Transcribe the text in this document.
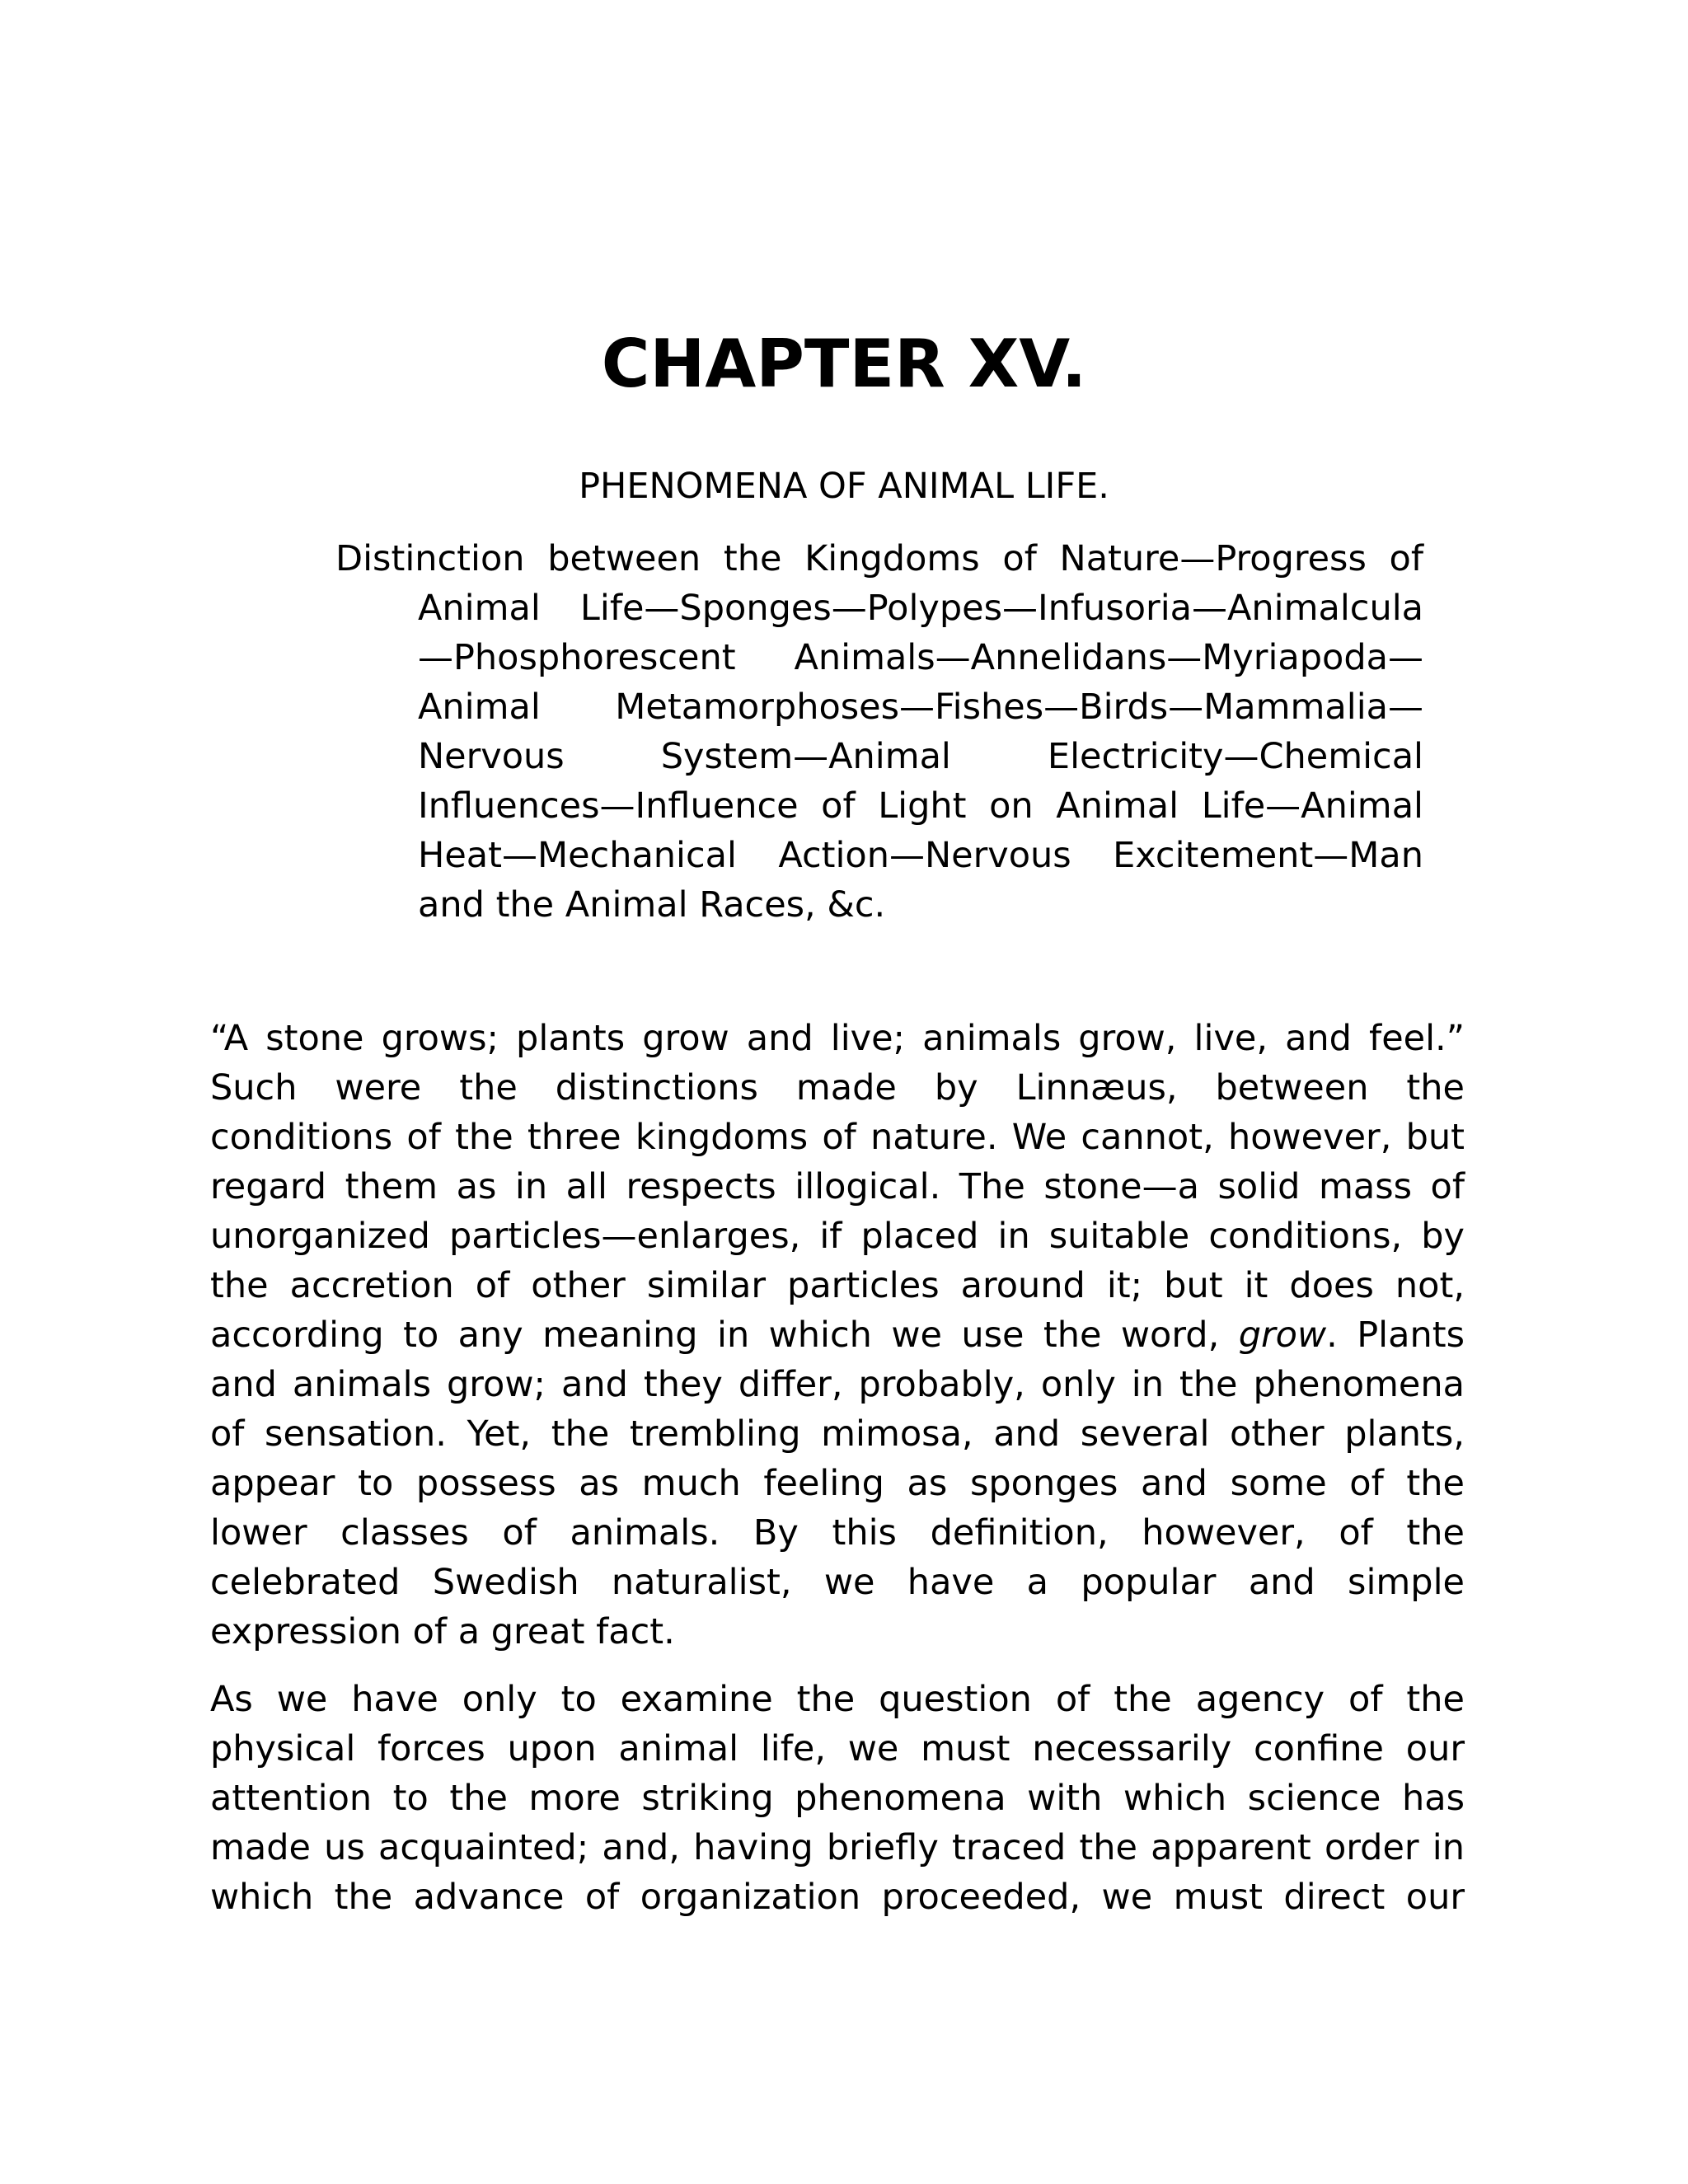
CHAPTER XV.

PHENOMENA OF ANIMAL LIFE.

Distinction between the Kingdoms of Nature—Progress of
Animal Life—Sponges—Polypes—Infusoria—Animalcula
—Phosphorescent Animals—Annelidans—Myriapoda—
Animal Metamorphoses—Fishes—Birds—Mammalia—
Nervous System—Animal Electricity—Chemical
Influences—Influence of Light on Animal Life—Animal
Heat—Mechanical Action—Nervous Excitement—Man
and the Animal Races, &c.
“A stone grows; plants grow and live; animals grow, live, and feel.”
Such were the distinctions made by Linnæus, between the
conditions of the three kingdoms of nature. We cannot, however, but
regard them as in all respects illogical. The stone—a solid mass of
unorganized particles—enlarges, if placed in suitable conditions, by
the accretion of other similar particles around it; but it does not,
according to any meaning in which we use the word, grow. Plants
and animals grow; and they differ, probably, only in the phenomena
of sensation. Yet, the trembling mimosa, and several other plants,
appear to possess as much feeling as sponges and some of the
lower classes of animals. By this definition, however, of the
celebrated Swedish naturalist, we have a popular and simple
expression of a great fact.
As we have only to examine the question of the agency of the
physical forces upon animal life, we must necessarily confine our
attention to the more striking phenomena with which science has
made us acquainted; and, having briefly traced the apparent order in
which the advance of organization proceeded, we must direct our
